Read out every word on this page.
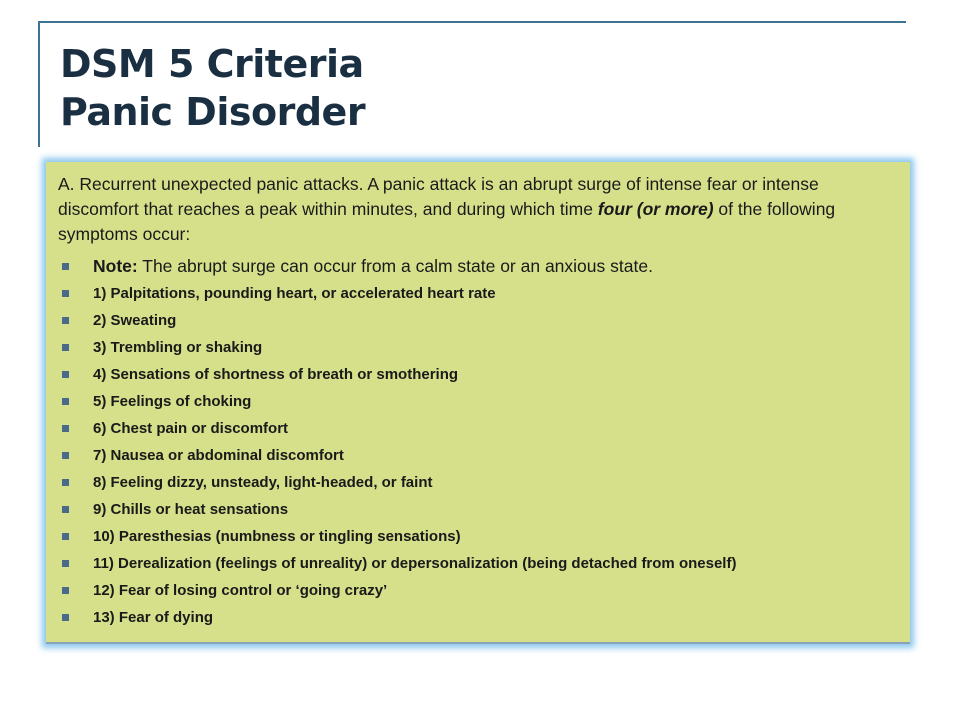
DSM 5 Criteria
Panic Disorder

A. Recurrent unexpected panic attacks. A panic attack is an abrupt surge of intense fear or intense discomfort that reaches a peak within minutes, and during which time four (or more) of the following symptoms occur:

Note: The abrupt surge can occur from a calm state or an anxious state.
1) Palpitations, pounding heart, or accelerated heart rate
2) Sweating
3) Trembling or shaking
4) Sensations of shortness of breath or smothering
5) Feelings of choking
6) Chest pain or discomfort
7) Nausea or abdominal discomfort
8) Feeling dizzy, unsteady, light-headed, or faint
9) Chills or heat sensations
10) Paresthesias (numbness or tingling sensations)
11) Derealization (feelings of unreality) or depersonalization (being detached from oneself)
12) Fear of losing control or ‘going crazy’
13) Fear of dying
